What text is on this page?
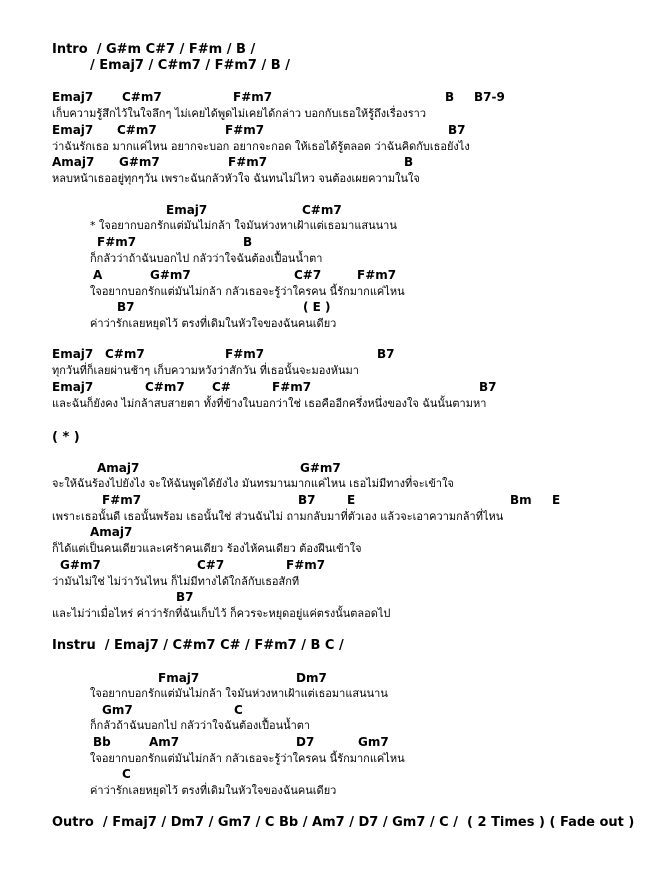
Intro  / G#m C#7 / F#m / B /
/ Emaj7 / C#m7 / F#m7 / B /

Emaj7

C#m7

	F#m7

	B

B7-9

เก็บความรู้สึกไว้ในใจลึกๆ ไม่เคยได้พูดไม่เคยได้กล่าว บอกกับเธอให้รู้ถึงเรื่องราว

Emaj7

C#m7

	F#m7

	B7

ว่าฉันรักเธอ มากแค่ไหน อยากจะบอก อยากจะกอด ให้เธอได้รู้ตลอด ว่าฉันคิดกับเธอยังไง

Amaj7

G#m7

	F#m7

	B

หลบหน้าเธออยู่ทุกๆวัน เพราะฉันกลัวหัวใจ ฉันทนไม่ไหว จนต้องเผยความในใจ

Emaj7

	C#m7

* ใจอยากบอกรักแต่มันไม่กล้า ใจมันห่วงหาเฝ้าแต่เธอมาแสนนาน

F#m7

	B

ก็กลัวว่าถ้าฉันบอกไป กลัวว่าใจฉันต้องเปื้อนน้ำตา

A

	G#m7

	C#7

	F#m7

ใจอยากบอกรักแต่มันไม่กล้า กลัวเธอจะรู้ว่าใครคน นี้รักมากแค่ไหน

B7

	( E )

ค่าว่ารักเลยหยุดไว้ ตรงที่เดิมในหัวใจของฉันคนเดียว

Emaj7

C#m7

	F#m7

	B7

ทุกวันที่ก็เลยผ่านช้าๆ เก็บความหวังว่าสักวัน ที่เธอนั้นจะมองหันมา

Emaj7

	C#m7

C#

	F#m7

	B7

และฉันก็ยังคง ไม่กล้าสบสายตา ทั้งที่ข้างในบอกว่าใช่ เธอคืออีกครึ่งหนึ่งของใจ ฉันนั้นตามหา
( * )

Amaj7

	G#m7

จะให้ฉันร้องไปยังไง จะให้ฉันพูดได้ยังไง มันทรมานมากแค่ไหน เธอไม่มีทางที่จะเข้าใจ

F#m7

	B7

	E

	Bm

E

เพราะเธอนั้นดี เธอนั้นพร้อม เธอนั้นใช่ ส่วนฉันไม่ ถามกลับมาที่ตัวเอง แล้วจะเอาความกล้าที่ไหน

Amaj7

ก็ได้แต่เป็นคนเดียวและเศร้าคนเดียว ร้องไห้คนเดียว ต้องฝืนเข้าใจ

G#m7

	C#7

	F#m7

ว่ามันไม่ใช่ ไม่ว่าวันไหน ก็ไม่มีทางได้ใกล้กับเธอสักที

B7

และไม่ว่าเมื่อไหร่ ค่าว่ารักที่ฉันเก็บไว้ ก็ควรจะหยุดอยู่แค่ตรงนั้นตลอดไป
Instru  / Emaj7 / C#m7 C# / F#m7 / B C /

Fmaj7

	Dm7

ใจอยากบอกรักแต่มันไม่กล้า ใจมันห่วงหาเฝ้าแต่เธอมาแสนนาน

Gm7

	C

ก็กลัวถ้าฉันบอกไป กลัวว่าใจฉันต้องเปื้อนน้ำตา

Bb

	Am7

	D7

	Gm7

ใจอยากบอกรักแต่มันไม่กล้า กลัวเธอจะรู้ว่าใครคน นี้รักมากแค่ไหน

C

ค่าว่ารักเลยหยุดไว้ ตรงที่เดิมในหัวใจของฉันคนเดียว
Outro  / Fmaj7 / Dm7 / Gm7 / C Bb / Am7 / D7 / Gm7 / C /  ( 2 Times ) ( Fade out )
